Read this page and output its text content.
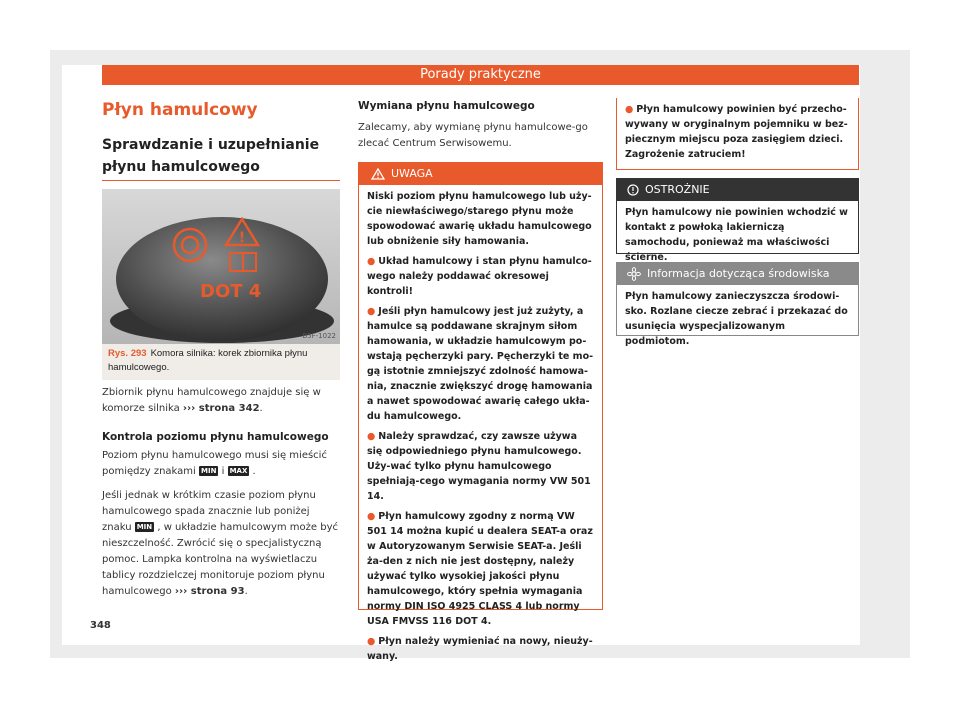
Porady praktyczne
Płyn hamulcowy
Sprawdzanie i uzupełnianie płynu hamulcowego
!
DOT 4
B5F-1022
Rys. 293 Komora silnika: korek zbiornika płynu hamulcowego.
Zbiornik płynu hamulcowego znajduje się w komorze silnika ››› strona 342.
Kontrola poziomu płynu hamulcowego
Poziom płynu hamulcowego musi się mieścić pomiędzy znakami MIN i MAX .
Jeśli jednak w krótkim czasie poziom płynu hamulcowego spada znacznie lub poniżej znaku MIN , w układzie hamulcowym może być nieszczelność. Zwrócić się o specjalistyczną pomoc. Lampka kontrolna na wyświetlaczu tablicy rozdzielczej monitoruje poziom płynu hamulcowego ››› strona 93.
348
Wymiana płynu hamulcowego
Zalecamy, aby wymianę płynu hamulcowe-go zlecać Centrum Serwisowemu.
UWAGA

Niski poziom płynu hamulcowego lub uży-cie niewłaściwego/starego płynu może spowodować awarię układu hamulcowego lub obniżenie siły hamowania.

● Układ hamulcowy i stan płynu hamulco-wego należy poddawać okresowej kontroli!

● Jeśli płyn hamulcowy jest już zużyty, a hamulce są poddawane skrajnym siłom hamowania, w układzie hamulcowym po-wstają pęcherzyki pary. Pęcherzyki te mo-gą istotnie zmniejszyć zdolność hamowa-nia, znacznie zwiększyć drogę hamowania a nawet spowodować awarię całego ukła-du hamulcowego.

● Należy sprawdzać, czy zawsze używa się odpowiedniego płynu hamulcowego. Uży-wać tylko płynu hamulcowego spełniają-cego wymagania normy VW 501 14.

● Płyn hamulcowy zgodny z normą VW 501 14 można kupić u dealera SEAT-a oraz w Autoryzowanym Serwisie SEAT-a. Jeśli ża-den z nich nie jest dostępny, należy używać tylko wysokiej jakości płynu hamulcowego, który spełnia wymagania normy DIN ISO 4925 CLASS 4 lub normy USA FMVSS 116 DOT 4.

● Płyn należy wymieniać na nowy, nieuży-wany.

● Płyn hamulcowy powinien być przecho-wywany w oryginalnym pojemniku w bez-piecznym miejscu poza zasięgiem dzieci. Zagrożenie zatruciem!
OSTROŻNIE
Płyn hamulcowy nie powinien wchodzić w kontakt z powłoką lakierniczą samochodu, ponieważ ma właściwości ścierne.
Informacja dotycząca środowiska
Płyn hamulcowy zanieczyszcza środowi-sko. Rozlane ciecze zebrać i przekazać do usunięcia wyspecjalizowanym podmiotom.
